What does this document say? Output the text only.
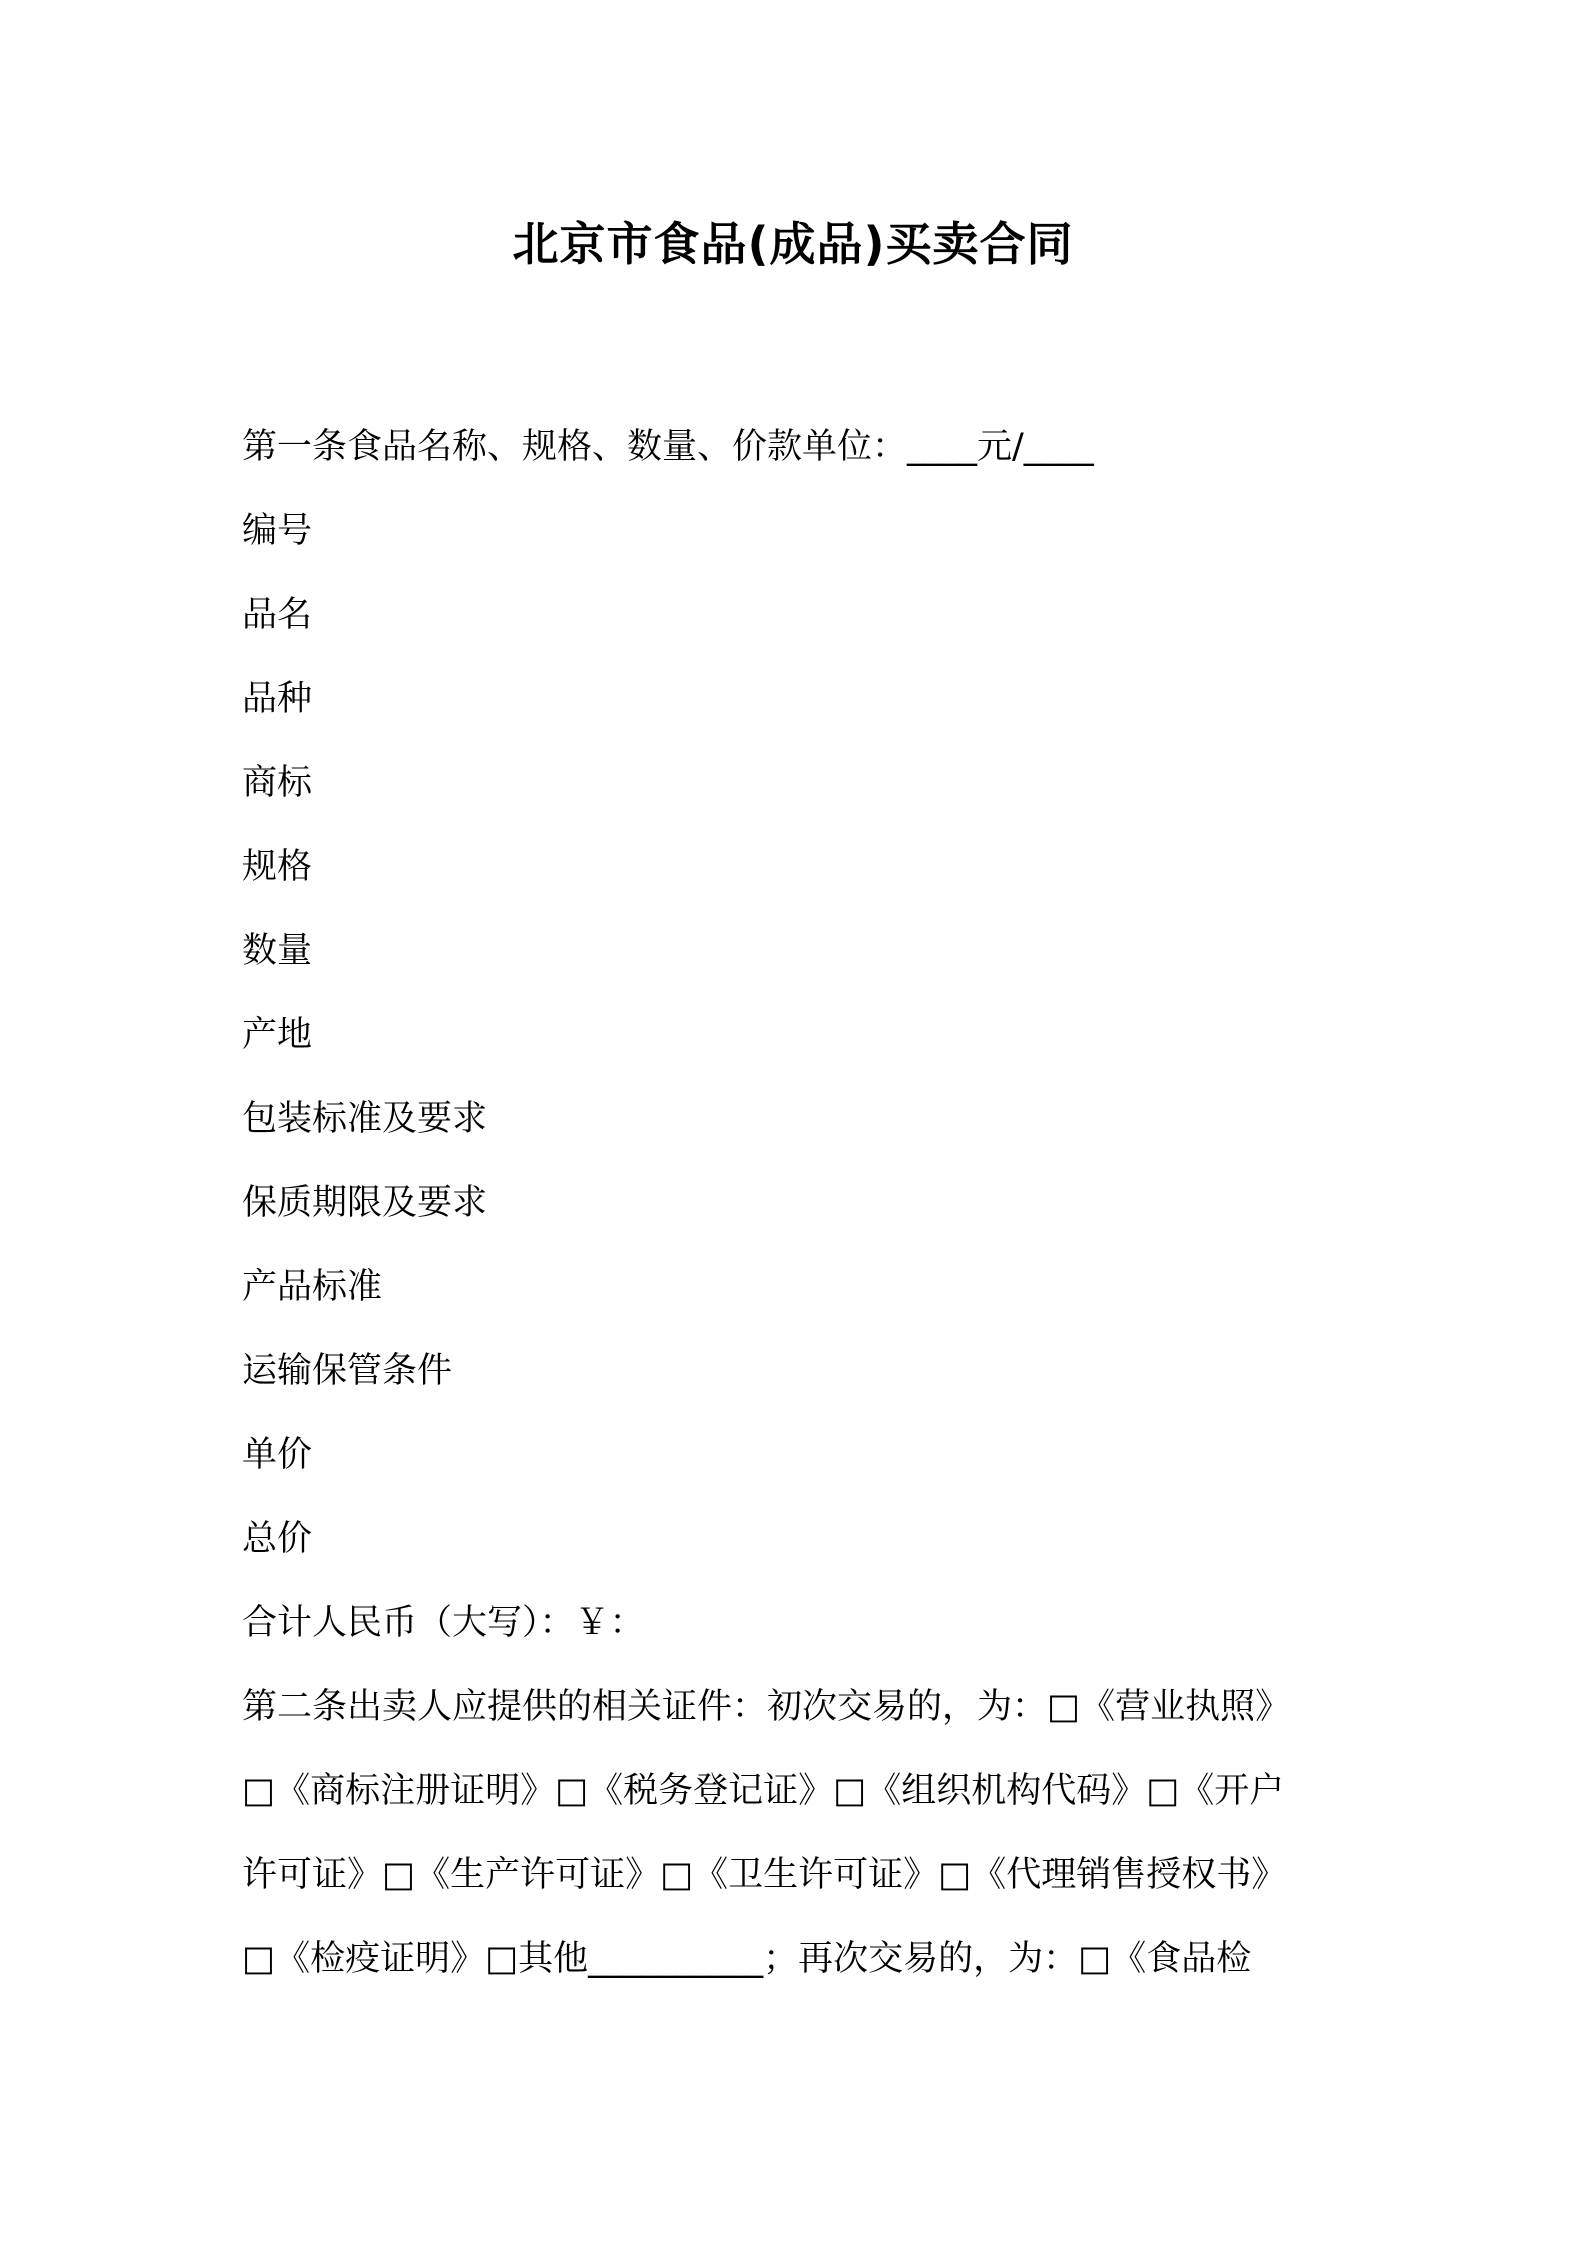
北京市食品(成品)买卖合同
第一条食品名称、规格、数量、价款单位：____元/____
编号
品名
品种
商标
规格
数量
产地
包装标准及要求
保质期限及要求
产品标准
运输保管条件
单价
总价
合计人民币（大写）：￥：
第二条出卖人应提供的相关证件：初次交易的，为：□《营业执照》
□《商标注册证明》□《税务登记证》□《组织机构代码》□《开户
许可证》□《生产许可证》□《卫生许可证》□《代理销售授权书》
□《检疫证明》□其他__________；再次交易的，为：□《食品检
